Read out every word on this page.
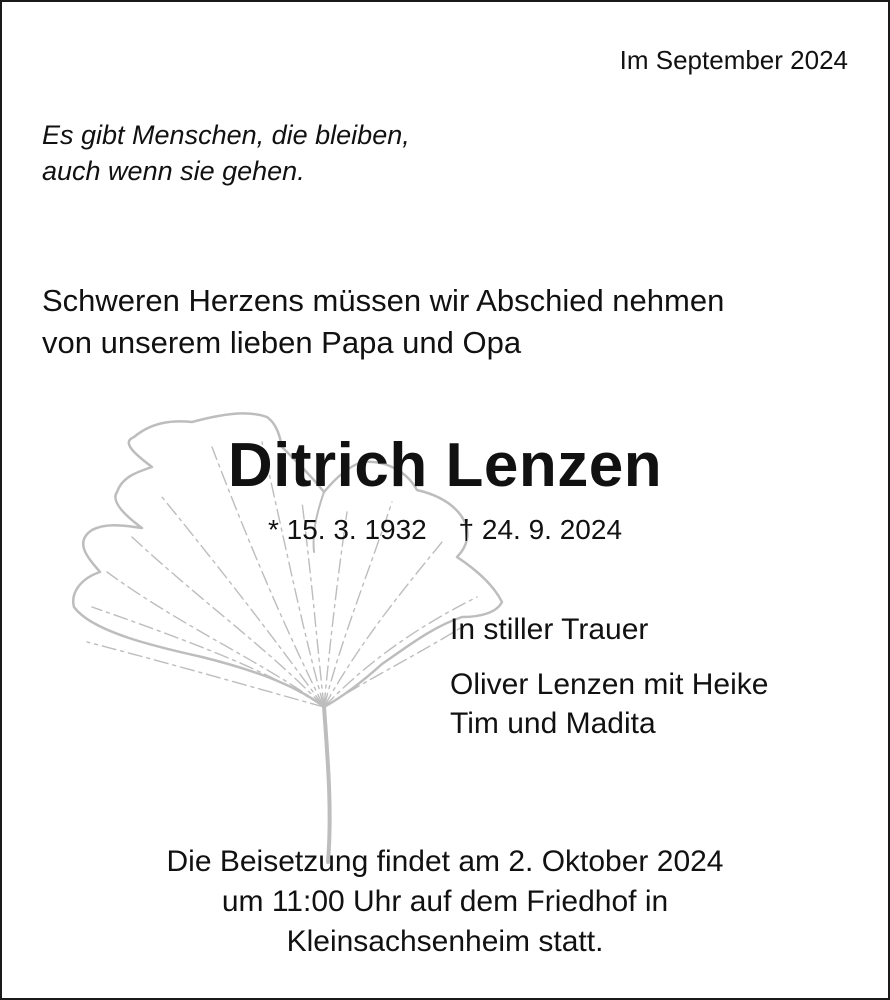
Im September 2024
Es gibt Menschen, die bleiben,
auch wenn sie gehen.
Schweren Herzens müssen wir Abschied nehmen
von unserem lieben Papa und Opa
Ditrich Lenzen
* 15. 3. 1932 † 24. 9. 2024
In stiller Trauer
Oliver Lenzen mit Heike
Tim und Madita
Die Beisetzung findet am 2. Oktober 2024
um 11:00 Uhr auf dem Friedhof in
Kleinsachsenheim statt.
